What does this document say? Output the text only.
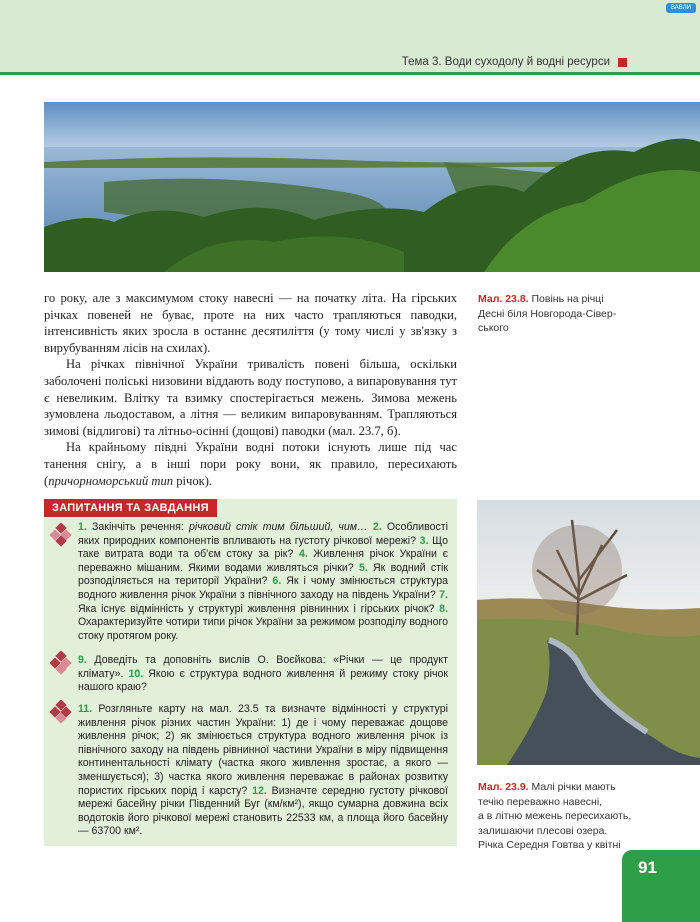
ВАВЛИ
Тема 3. Води суходолу й водні ресурси
Мал. 23.8. Повінь на річці
Десні біля Новгорода-Сівер-
ського

го року, але з максимумом стоку навесні — на початку літа. На гірських річках повеней не буває, проте на них часто трапляються паводки, інтенсивність яких зросла в останнє десятиліття (у тому числі у зв'язку з вирубуванням лісів на схилах).

На річках північної України тривалість повені більша, оскільки заболочені поліські низовини віддають воду поступово, а випаровування тут є невеликим. Влітку та взимку спостерігається межень. Зимова межень зумовлена льодоставом, а літня — великим випаровуванням. Трапляються зимові (відлигові) та літньо-осінні (дощові) паводки (мал. 23.7, б).

На крайньому півдні України водні потоки існують лише під час танення снігу, а в інші пори року вони, як правило, пересихають (причорноморський тип річок).

ЗАПИТАННЯ ТА ЗАВДАННЯ

1. Закінчіть речення: річковий стік тим більший, чим… 2. Особливості яких природних компонентів впливають на густоту річкової мережі? 3. Що таке витрата води та об'єм стоку за рік? 4. Живлення річок України є переважно мішаним. Якими водами живляться річки? 5. Як водний стік розподіляється на території України? 6. Як і чому змінюється структура водного живлення річок України з північного заходу на південь України? 7. Яка існує відмінність у структурі живлення рівнинних і гірських річок? 8. Охарактеризуйте чотири типи річок України за режимом розподілу водного стоку протягом року.

9. Доведіть та доповніть вислів О. Воєйкова: «Річки — це продукт клімату». 10. Якою є структура водного живлення й режиму стоку річок нашого краю?

11. Розгляньте карту на мал. 23.5 та визначте відмінності у структурі живлення річок різних частин України: 1) де і чому переважає дощове живлення річок; 2) як змінюється структура водного живлення річок із північного заходу на південь рівнинної частини України в міру підвищення континентальності клімату (частка якого живлення зростає, а якого — зменшується); 3) частка якого живлення переважає в районах розвитку пористих гірських порід і карсту? 12. Визначте середню густоту річкової мережі басейну річки Південний Буг (км/км²), якщо сумарна довжина всіх водотоків його річкової мережі становить 22533 км, а площа його басейну — 63700 км².

Мал. 23.9. Малі річки мають
течію переважно навесні,
а в літню межень пересихають,
залишаючи плесові озера.
Річка Середня Говтва у квітні
91
